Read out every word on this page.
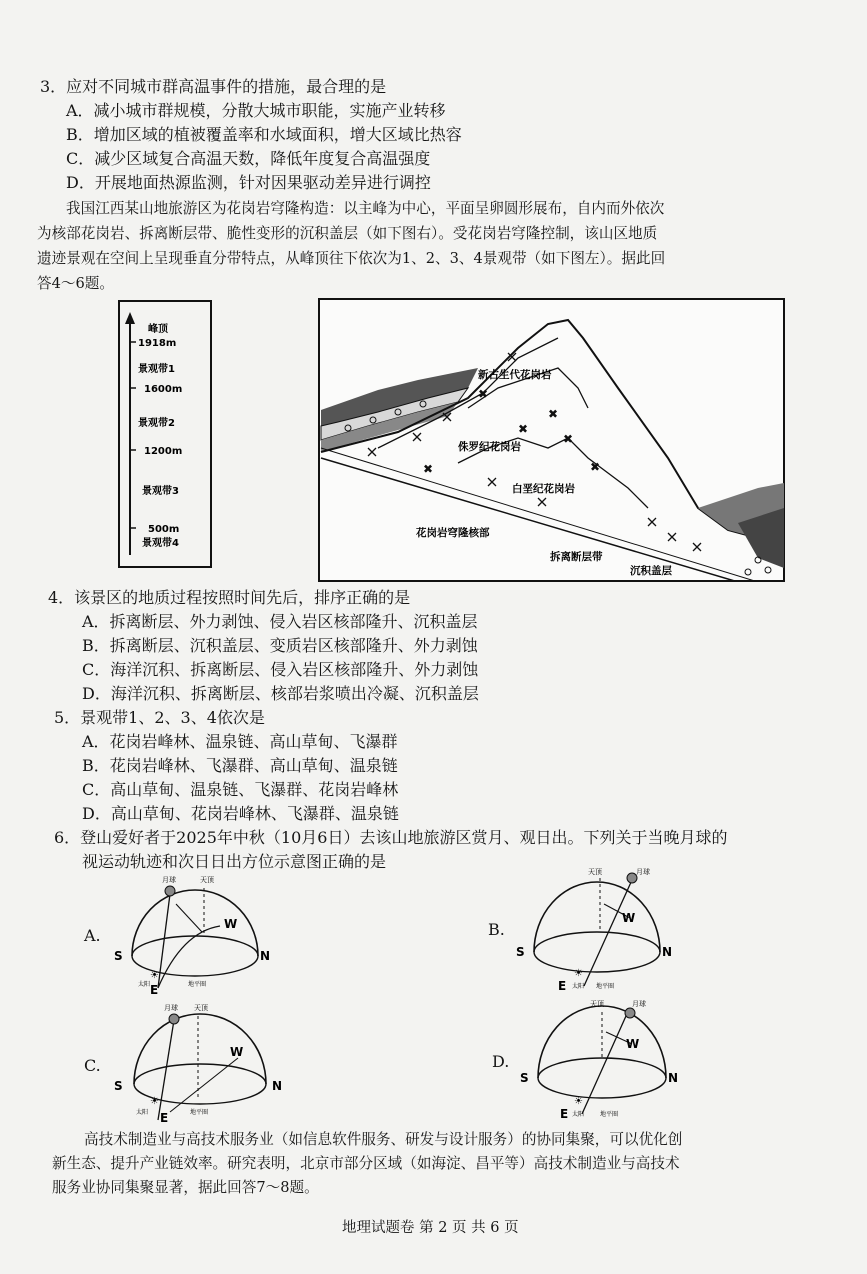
3．应对不同城市群高温事件的措施，最合理的是
A．减小城市群规模，分散大城市职能，实施产业转移
B．增加区域的植被覆盖率和水域面积，增大区域比热容
C．减少区域复合高温天数，降低年度复合高温强度
D．开展地面热源监测，针对因果驱动差异进行调控
我国江西某山地旅游区为花岗岩穹隆构造：以主峰为中心，平面呈卵圆形展布，自内而外依次
为核部花岗岩、拆离断层带、脆性变形的沉积盖层（如下图右）。受花岗岩穹隆控制，该山区地质
遗迹景观在空间上呈现垂直分带特点，从峰顶往下依次为1、2、3、4景观带（如下图左）。据此回
答4～6题。
峰顶
1918m
景观带1
1600m
景观带2
1200m
景观带3
500m
景观带4
✖
✖
✖
✖
✖	✖
新古生代花岗岩
侏罗纪花岗岩
白垩纪花岗岩
花岗岩穹隆核部
拆离断层带
沉积盖层
4．该景区的地质过程按照时间先后，排序正确的是
A．拆离断层、外力剥蚀、侵入岩区核部隆升、沉积盖层
B．拆离断层、沉积盖层、变质岩区核部隆升、外力剥蚀
C．海洋沉积、拆离断层、侵入岩区核部隆升、外力剥蚀
D．海洋沉积、拆离断层、核部岩浆喷出冷凝、沉积盖层
5．景观带1、2、3、4依次是
A．花岗岩峰林、温泉链、高山草甸、飞瀑群
B．花岗岩峰林、飞瀑群、高山草甸、温泉链
C．高山草甸、温泉链、飞瀑群、花岗岩峰林
D．高山草甸、花岗岩峰林、飞瀑群、温泉链
6．登山爱好者于2025年中秋（10月6日）去该山地旅游区赏月、观日出。下列关于当晚月球的
视运动轨迹和次日日出方位示意图正确的是
A.
月球	天顶
S	N
W
E
☀
太阳	地平圈
B.
天顶	月球
S	N
W
E
☀
太阳 地平圈
C.
月球 天顶
S	N
W
E
☀
太阳	地平圈
D.
天顶	月球
S	N
W
E
☀
太阳	地平圈
高技术制造业与高技术服务业（如信息软件服务、研发与设计服务）的协同集聚，可以优化创
新生态、提升产业链效率。研究表明，北京市部分区域（如海淀、昌平等）高技术制造业与高技术
服务业协同集聚显著，据此回答7～8题。
地理试题卷 第 2 页 共 6 页
